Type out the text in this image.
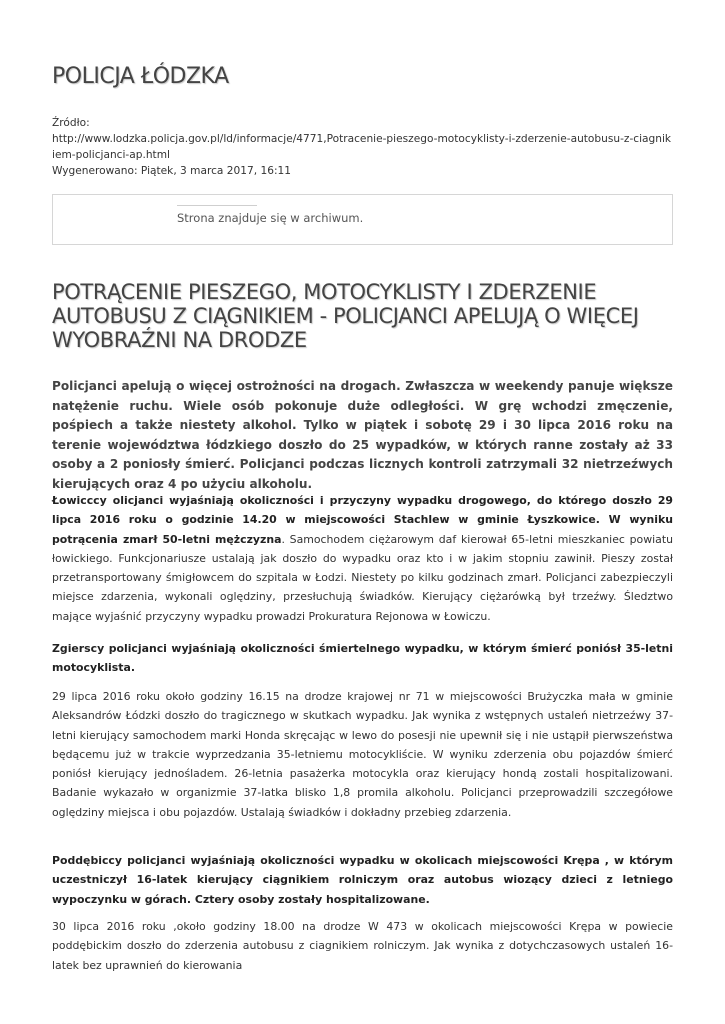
POLICJA ŁÓDZKA
Źródło:
http://www.lodzka.policja.gov.pl/ld/informacje/4771,Potracenie-pieszego-motocyklisty-i-zderzenie-autobusu-z-ciagnikiem-policjanci-ap.html
Wygenerowano: Piątek, 3 marca 2017, 16:11
Strona znajduje się w archiwum.
POTRĄCENIE PIESZEGO, MOTOCYKLISTY I ZDERZENIE AUTOBUSU Z CIĄGNIKIEM - POLICJANCI APELUJĄ O WIĘCEJ WYOBRAŹNI NA DRODZE

Policjanci apelują o więcej ostrożności na drogach. Zwłaszcza w weekendy panuje większe natężenie ruchu. Wiele osób pokonuje duże odległości. W grę wchodzi zmęczenie, pośpiech a także niestety alkohol. Tylko w piątek i sobotę 29 i 30 lipca 2016 roku na terenie województwa łódzkiego doszło do 25 wypadków, w których ranne zostały aż 33 osoby a 2 poniosły śmierć. Policjanci podczas licznych kontroli zatrzymali 32 nietrzeźwych kierujących oraz 4 po użyciu alkoholu.

Łowicccy olicjanci wyjaśniają okoliczności i przyczyny wypadku drogowego, do którego doszło 29 lipca 2016 roku o godzinie 14.20 w miejscowości Stachlew w gminie Łyszkowice. W wyniku potrącenia zmarł 50-letni mężczyzna. Samochodem ciężarowym daf kierował 65-letni mieszkaniec powiatu łowickiego. Funkcjonariusze ustalają jak doszło do wypadku oraz kto i w jakim stopniu zawinił. Pieszy został przetransportowany śmigłowcem do szpitala w Łodzi. Niestety po kilku godzinach zmarł. Policjanci zabezpieczyli miejsce zdarzenia, wykonali oględziny, przesłuchują świadków. Kierujący ciężarówką był trzeźwy. Śledztwo mające wyjaśnić przyczyny wypadku prowadzi Prokuratura Rejonowa w Łowiczu.

Zgierscy policjanci wyjaśniają okoliczności śmiertelnego wypadku, w którym śmierć poniósł 35-letni motocyklista.

29 lipca 2016 roku około godziny 16.15 na drodze krajowej nr 71 w miejscowości Brużyczka mała w gminie Aleksandrów Łódzki doszło do tragicznego w skutkach wypadku. Jak wynika z wstępnych ustaleń nietrzeźwy 37-letni kierujący samochodem marki Honda skręcając w lewo do posesji nie upewnił się i nie ustąpił pierwszeństwa będącemu już w trakcie wyprzedzania 35-letniemu motocykliście. W wyniku zderzenia obu pojazdów śmierć poniósł kierujący jednośladem. 26-letnia pasażerka motocykla oraz kierujący hondą zostali hospitalizowani. Badanie wykazało w organizmie 37-latka blisko 1,8 promila alkoholu. Policjanci przeprowadzili szczegółowe oględziny miejsca i obu pojazdów. Ustalają świadków i dokładny przebieg zdarzenia.

Poddębiccy policjanci wyjaśniają okoliczności wypadku w okolicach miejscowości Krępa , w którym uczestniczył 16-latek kierujący ciągnikiem rolniczym oraz autobus wiozący dzieci z letniego wypoczynku w górach. Cztery osoby zostały hospitalizowane.

30 lipca 2016 roku ,około godziny 18.00 na drodze W 473 w okolicach miejscowości Krępa w powiecie poddębickim doszło do zderzenia autobusu z ciagnikiem rolniczym. Jak wynika z dotychczasowych ustaleń 16-latek bez uprawnień do kierowania
